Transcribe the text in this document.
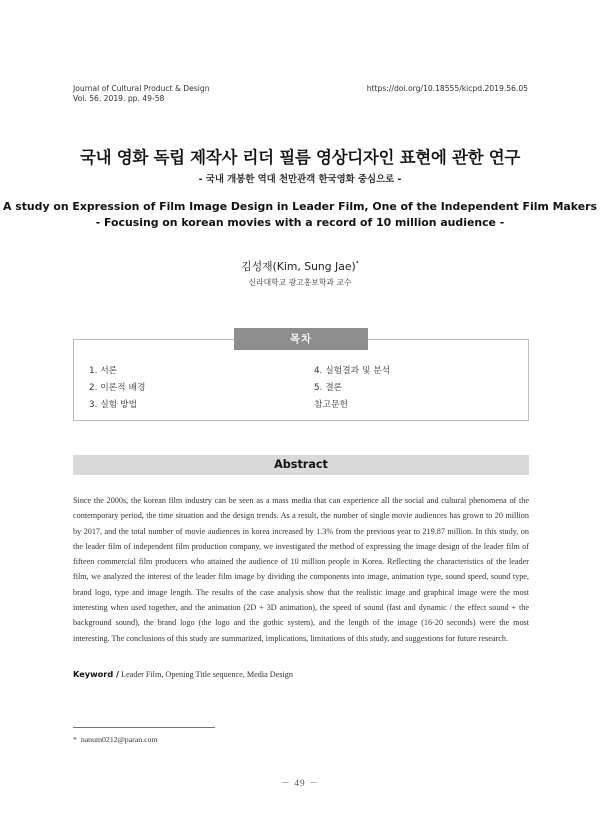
Journal of Cultural Product & Design
Vol. 56. 2019. pp. 49-58
https://doi.org/10.18555/kicpd.2019.56.05
국내 영화 독립 제작사 리더 필름 영상디자인 표현에 관한 연구
- 국내 개봉한 역대 천만관객 한국영화 중심으로 -
A study on Expression of Film Image Design in Leader Film, One of the Independent Film Makers
- Focusing on korean movies with a record of 10 million audience -
김성재(Kim, Sung Jae)*
신라대학교 광고홍보학과 교수
목차
1. 서론
2. 이론적 배경
3. 실험 방법
4. 실험결과 및 분석
5. 결론
참고문헌
Abstract
Since the 2000s, the korean film industry can be seen as a mass media that can experience all the social and cultural phenomena of the contemporary period, the time situation and the design trends. As a result, the number of single movie audiences has grown to 20 million by 2017, and the total number of movie audiences in korea increased by 1.3% from the previous year to 219.87 million. In this study, on the leader film of independent film production company, we investigated the method of expressing the image design of the leader film of fifteen commercial film producers who attained the audience of 10 million people in Korea. Reflecting the characteristics of the leader film, we analyzed the interest of the leader film image by dividing the components into image, animation type, sound speed, sound type, brand logo, type and image length. The results of the case analysis show that the realistic image and graphical image were the most interesting when used together, and the animation (2D + 3D animation), the speed of sound (fast and dynamic / the effect sound + the background sound), the brand logo (the logo and the gothic system), and the length of the image (16-20 seconds) were the most interesting. The conclusions of this study are summarized, implications, limitations of this study, and suggestions for future research.
Keyword / Leader Film, Opening Title sequence, Media Design
* nanum0212@paran.com
－ 49 －
